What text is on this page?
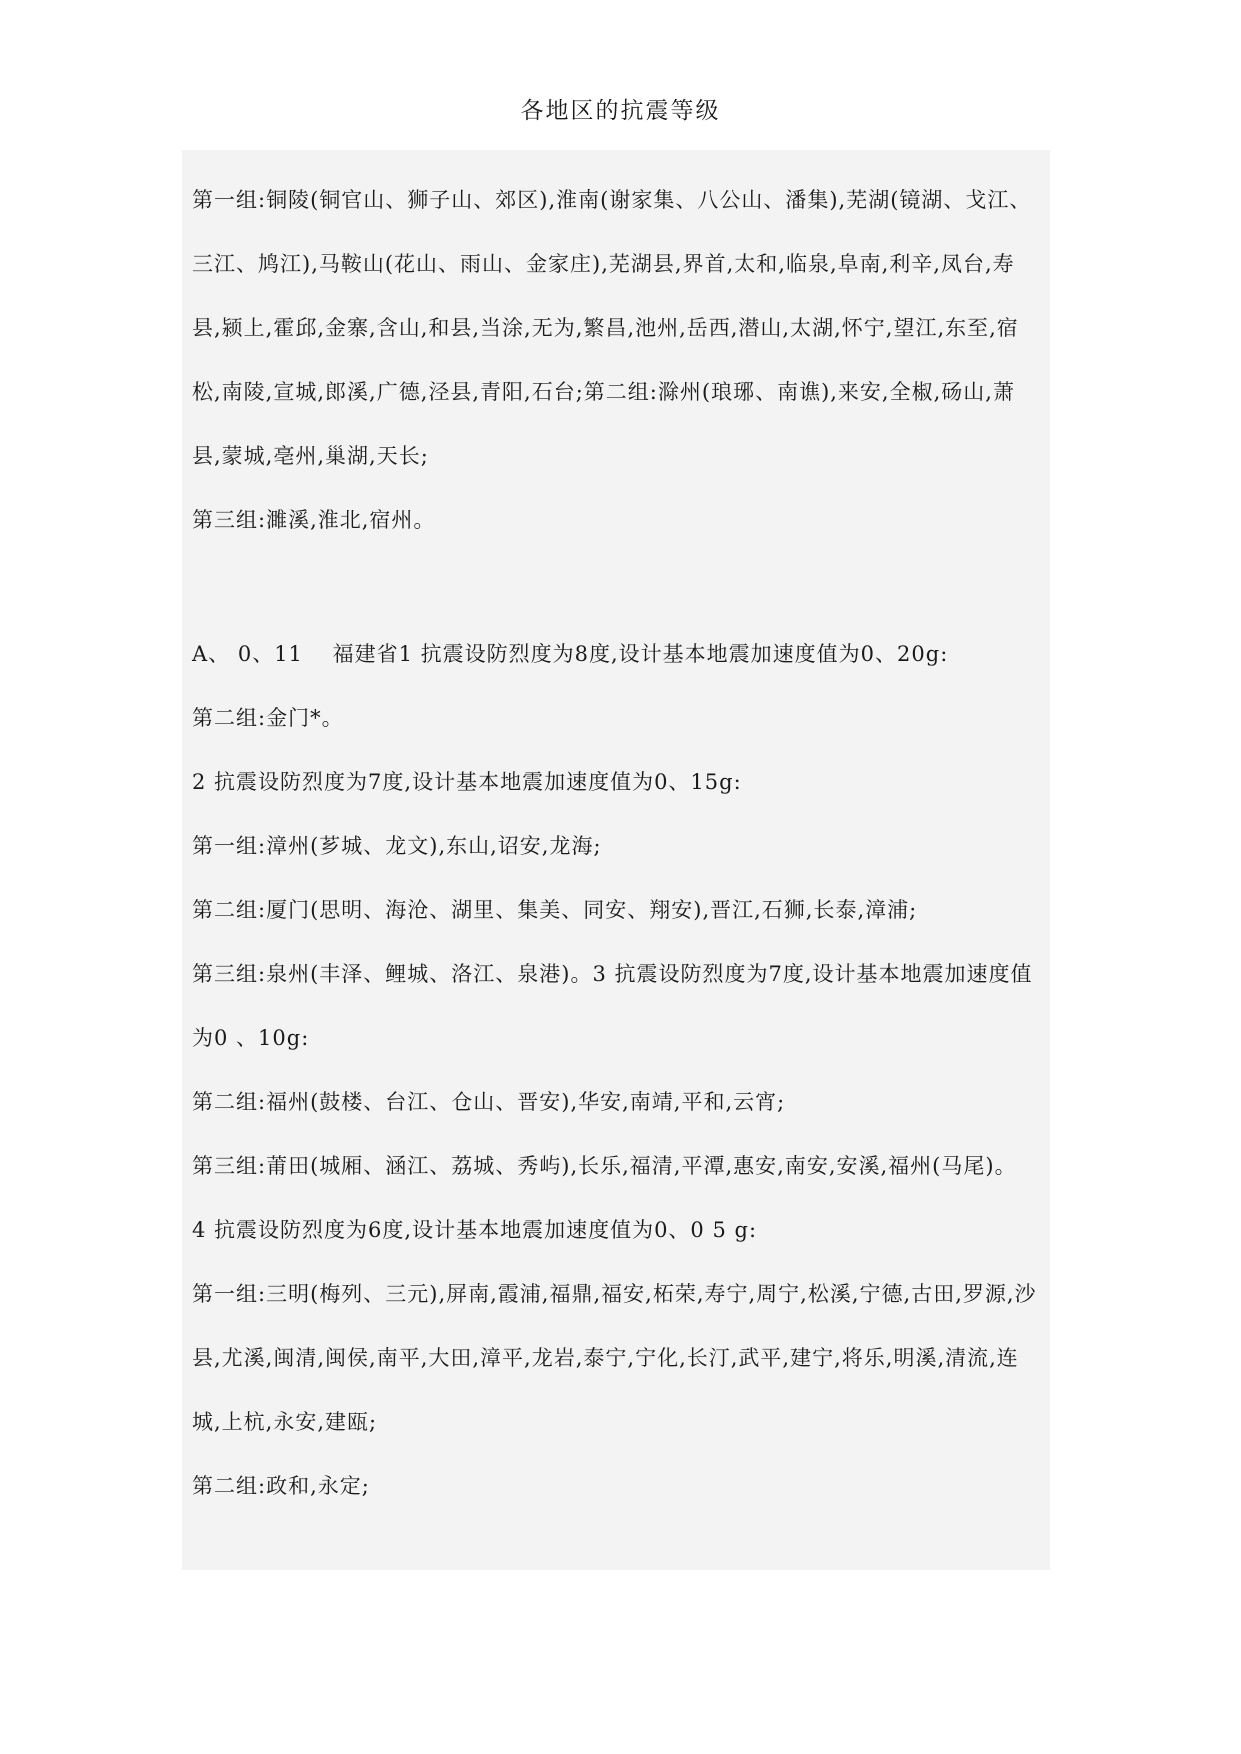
各地区的抗震等级

第一组:铜陵(铜官山、狮子山、郊区),淮南(谢家集、八公山、潘集),芜湖(镜湖、戈江、三江、鸠江),马鞍山(花山、雨山、金家庄),芜湖县,界首,太和,临泉,阜南,利辛,凤台,寿县,颍上,霍邱,金寨,含山,和县,当涂,无为,繁昌,池州,岳西,潜山,太湖,怀宁,望江,东至,宿松,南陵,宣城,郎溪,广德,泾县,青阳,石台;第二组:滁州(琅琊、南谯),来安,全椒,砀山,萧县,蒙城,亳州,巢湖,天长;

第三组:濉溪,淮北,宿州。

A、 0、11　 福建省1 抗震设防烈度为8度,设计基本地震加速度值为0、20g:

第二组:金门*。

2 抗震设防烈度为7度,设计基本地震加速度值为0、15g:

第一组:漳州(芗城、龙文),东山,诏安,龙海;

第二组:厦门(思明、海沧、湖里、集美、同安、翔安),晋江,石狮,长泰,漳浦;

第三组:泉州(丰泽、鲤城、洛江、泉港)。3 抗震设防烈度为7度,设计基本地震加速度值为0 、10g:

第二组:福州(鼓楼、台江、仓山、晋安),华安,南靖,平和,云宵;

第三组:莆田(城厢、涵江、荔城、秀屿),长乐,福清,平潭,惠安,南安,安溪,福州(马尾)。

4 抗震设防烈度为6度,设计基本地震加速度值为0、0 5 g:

第一组:三明(梅列、三元),屏南,霞浦,福鼎,福安,柘荣,寿宁,周宁,松溪,宁德,古田,罗源,沙县,尤溪,闽清,闽侯,南平,大田,漳平,龙岩,泰宁,宁化,长汀,武平,建宁,将乐,明溪,清流,连城,上杭,永安,建瓯;

第二组:政和,永定;
